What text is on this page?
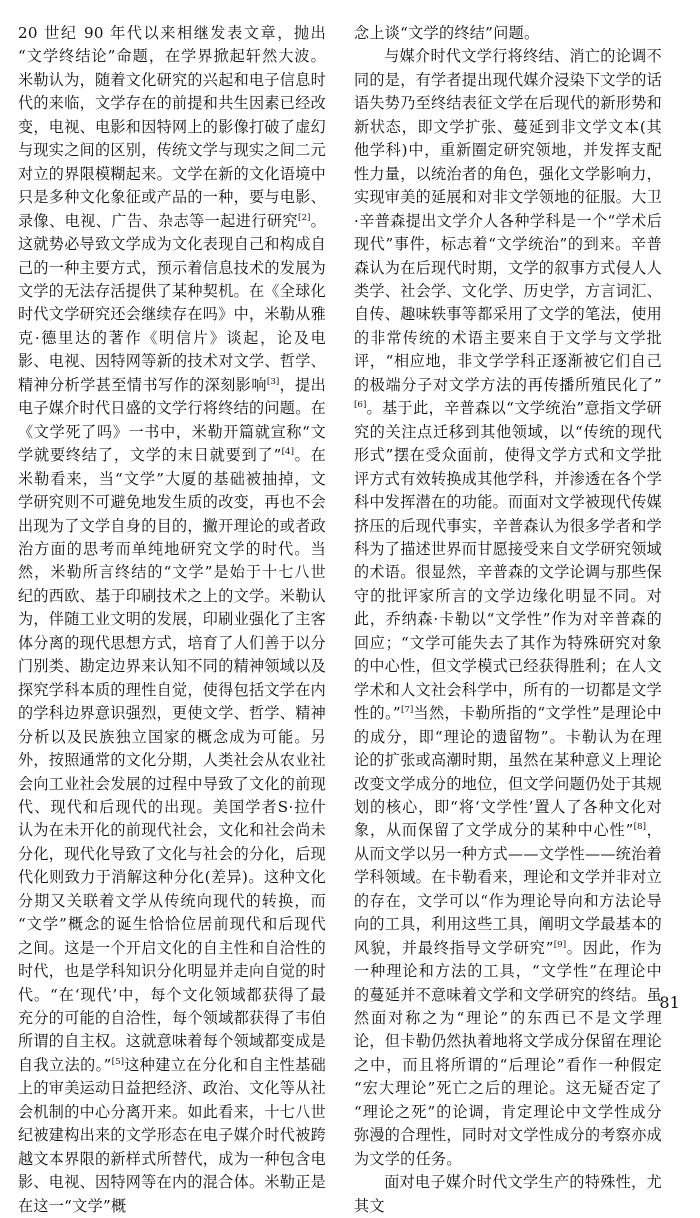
20 世纪 90 年代以来相继发表文章，抛出“文学终结论”命题，在学界掀起轩然大波。米勒认为，随着文化研究的兴起和电子信息时代的来临，文学存在的前提和共生因素已经改变，电视、电影和因特网上的影像打破了虚幻与现实之间的区别，传统文学与现实之间二元对立的界限模糊起来。文学在新的文化语境中只是多种文化象征或产品的一种，要与电影、录像、电视、广告、杂志等一起进行研究[2]。这就势必导致文学成为文化表现自己和构成自己的一种主要方式，预示着信息技术的发展为文学的无法存活提供了某种契机。在《全球化时代文学研究还会继续存在吗》中，米勒从雅克·德里达的著作《明信片》谈起，论及电影、电视、因特网等新的技术对文学、哲学、精神分析学甚至情书写作的深刻影响[3]，提出电子媒介时代日盛的文学行将终结的问题。在《文学死了吗》一书中，米勒开篇就宣称“文学就要终结了，文学的末日就要到了”[4]。在米勒看来，当“文学”大厦的基础被抽掉，文学研究则不可避免地发生质的改变，再也不会出现为了文学自身的目的，撇开理论的或者政治方面的思考而单纯地研究文学的时代。当然，米勒所言终结的“文学”是始于十七八世纪的西欧、基于印刷技术之上的文学。米勒认为，伴随工业文明的发展，印刷业强化了主客体分离的现代思想方式，培育了人们善于以分门别类、勘定边界来认知不同的精神领域以及探究学科本质的理性自觉，使得包括文学在内的学科边界意识强烈，更使文学、哲学、精神分析以及民族独立国家的概念成为可能。另外，按照通常的文化分期，人类社会从农业社会向工业社会发展的过程中导致了文化的前现代、现代和后现代的出现。美国学者S·拉什认为在未开化的前现代社会，文化和社会尚未分化，现代化导致了文化与社会的分化，后现代化则致力于消解这种分化(差异)。这种文化分期又关联着文学从传统向现代的转换，而“文学”概念的诞生恰恰位居前现代和后现代之间。这是一个开启文化的自主性和自洽性的时代，也是学科知识分化明显并走向自觉的时代。“在‘现代’中，每个文化领域都获得了最充分的可能的自洽性，每个领域都获得了韦伯所谓的自主权。这就意味着每个领域都变成是自我立法的。”[5]这种建立在分化和自主性基础上的审美运动日益把经济、政治、文化等从社会机制的中心分离开来。如此看来，十七八世纪被建构出来的文学形态在电子媒介时代被跨越文本界限的新样式所替代，成为一种包含电影、电视、因特网等在内的混合体。米勒正是在这一“文学”概

念上谈“文学的终结”问题。

与媒介时代文学行将终结、消亡的论调不同的是，有学者提出现代媒介浸染下文学的话语失势乃至终结表征文学在后现代的新形势和新状态，即文学扩张、蔓延到非文学文本(其他学科)中，重新圈定研究领地，并发挥支配性力量，以统治者的角色，强化文学影响力，实现审美的延展和对非文学领地的征服。大卫·辛普森提出文学介人各种学科是一个“学术后现代”事件，标志着“文学统治”的到来。辛普森认为在后现代时期，文学的叙事方式侵人人类学、社会学、文化学、历史学，方言词汇、自传、趣味轶事等都采用了文学的笔法，使用的非常传统的术语主要来自于文学与文学批评，“相应地，非文学学科正逐渐被它们自己的极端分子对文学方法的再传播所殖民化了”[6]。基于此，辛普森以“文学统治”意指文学研究的关注点迁移到其他领域，以“传统的现代形式”摆在受众面前，使得文学方式和文学批评方式有效转换成其他学科，并渗透在各个学科中发挥潜在的功能。而面对文学被现代传媒挤压的后现代事实，辛普森认为很多学者和学科为了描述世界而甘愿接受来自文学研究领域的术语。很显然，辛普森的文学论调与那些保守的批评家所言的文学边缘化明显不同。对此，乔纳森·卡勒以“文学性”作为对辛普森的回应；“文学可能失去了其作为特殊研究对象的中心性，但文学模式已经获得胜利；在人文学术和人文社会科学中，所有的一切都是文学性的。”[7]当然，卡勒所指的“文学性”是理论中的成分，即“理论的遗留物”。卡勒认为在理论的扩张或高潮时期，虽然在某种意义上理论改变文学成分的地位，但文学问题仍处于其规划的核心，即“将‘文学性’置人了各种文化对象，从而保留了文学成分的某种中心性”[8]，从而文学以另一种方式——文学性——统治着学科领域。在卡勒看来，理论和文学并非对立的存在，文学可以“作为理论导向和方法论导向的工具，利用这些工具，阐明文学最基本的风貌，并最终指导文学研究”[9]。因此，作为一种理论和方法的工具，“文学性”在理论中的蔓延并不意味着文学和文学研究的终结。虽然面对称之为“理论”的东西已不是文学理论，但卡勒仍然执着地将文学成分保留在理论之中，而且将所谓的“后理论”看作一种假定“宏大理论”死亡之后的理论。这无疑否定了“理论之死”的论调，肯定理论中文学性成分弥漫的合理性，同时对文学性成分的考察亦成为文学的任务。

面对电子媒介时代文学生产的特殊性，尤其文

81
